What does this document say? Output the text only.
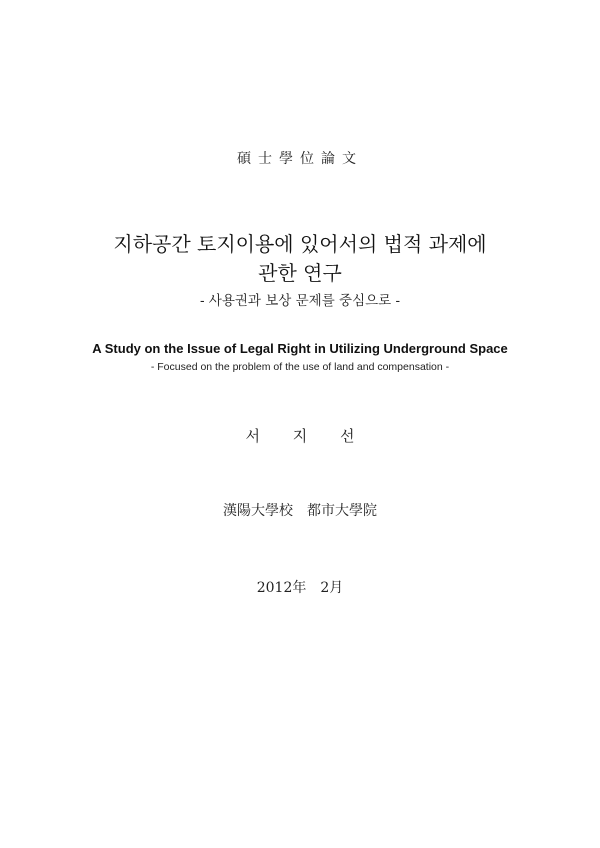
碩士學位論文
지하공간 토지이용에 있어서의 법적 과제에
관한 연구
- 사용권과 보상 문제를 중심으로 -
A Study on the Issue of Legal Right in Utilizing Underground Space
- Focused on the problem of the use of land and compensation -
서 지 선
漢陽大學校　都市大學院
2012年　2月
